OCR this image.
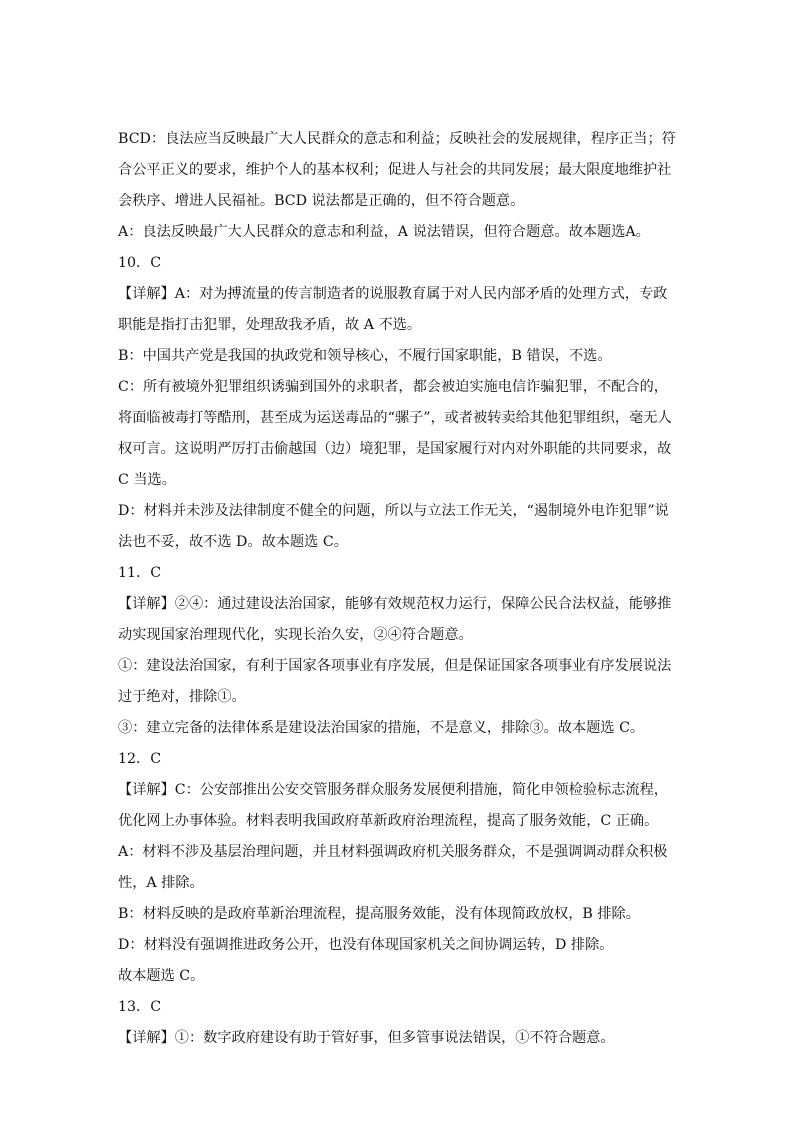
BCD：良法应当反映最广大人民群众的意志和利益；反映社会的发展规律，程序正当；符
合公平正义的要求，维护个人的基本权利；促进人与社会的共同发展；最大限度地维护社
会秩序、增进人民福祉。BCD 说法都是正确的，但不符合题意。
A：良法反映最广大人民群众的意志和利益，A 说法错误，但符合题意。故本题选A。
10．C
【详解】A：对为搏流量的传言制造者的说服教育属于对人民内部矛盾的处理方式，专政
职能是指打击犯罪，处理敌我矛盾，故 A 不选。
B：中国共产党是我国的执政党和领导核心，不履行国家职能，B 错误，不选。
C：所有被境外犯罪组织诱骗到国外的求职者，都会被迫实施电信诈骗犯罪，不配合的，
将面临被毒打等酷刑，甚至成为运送毒品的“骡子”，或者被转卖给其他犯罪组织，毫无人
权可言。这说明严厉打击偷越国（边）境犯罪，是国家履行对内对外职能的共同要求，故
C 当选。
D：材料并未涉及法律制度不健全的问题，所以与立法工作无关，“遏制境外电诈犯罪”说
法也不妥，故不选 D。故本题选 C。
11．C
【详解】②④：通过建设法治国家，能够有效规范权力运行，保障公民合法权益，能够推
动实现国家治理现代化，实现长治久安，②④符合题意。
①：建设法治国家，有利于国家各项事业有序发展，但是保证国家各项事业有序发展说法
过于绝对，排除①。
③：建立完备的法律体系是建设法治国家的措施，不是意义，排除③。故本题选 C。
12．C
【详解】C：公安部推出公安交管服务群众服务发展便利措施，简化申领检验标志流程，
优化网上办事体验。材料表明我国政府革新政府治理流程，提高了服务效能，C 正确。
A：材料不涉及基层治理问题，并且材料强调政府机关服务群众，不是强调调动群众积极
性，A 排除。
B：材料反映的是政府革新治理流程，提高服务效能，没有体现简政放权，B 排除。
D：材料没有强调推进政务公开，也没有体现国家机关之间协调运转，D 排除。
故本题选 C。
13．C
【详解】①：数字政府建设有助于管好事，但多管事说法错误，①不符合题意。
